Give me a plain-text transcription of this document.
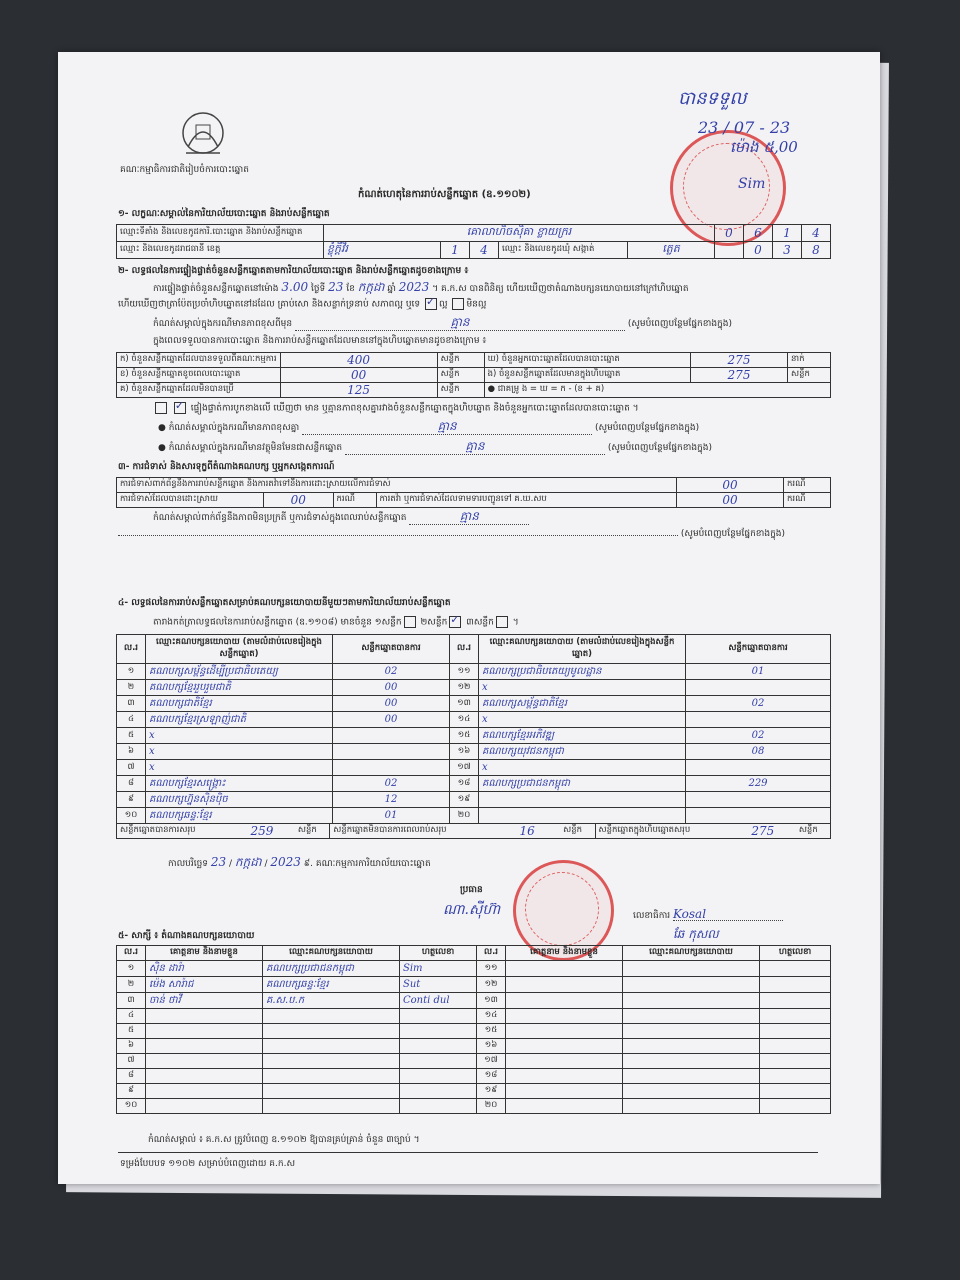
គណៈកម្មាធិការជាតិរៀបចំការបោះឆ្នោត
បានទទួល
23 / 07 - 23
ម៉ោង ៥,00
Sim
កំណត់ហេតុនៃការរាប់សន្លឹកឆ្នោត (ឧ.១១០២)
១- លក្ខណៈសម្គាល់នៃការិយាល័យបោះឆ្នោត និងរាប់សន្លឹកឆ្នោត
ឈ្មោះទីតាំង និងលេខកូដការិ.បោះឆ្នោត និងរាប់សន្លឹកឆ្នោត	គោលាហិចសុិគា ខ្លាយក្ររ	0	6	1	4
ឈ្មោះ និងលេខកូដរាជធានី ខេត្ត	ខ្លុំក្តីវិរ	1	4	ឈ្មោះ និងលេខកូដឃុំ សង្កាត់	ត្លេត
			0	3	8
២- លទ្ធផលនៃការផ្ទៀងផ្ទាត់ចំនួនសន្លឹកឆ្នោតតាមការិយាល័យបោះឆ្នោត និងរាប់សន្លឹកឆ្នោតដូចខាងក្រោម ៖
ការផ្ទៀងផ្ទាត់ចំនួនសន្លឹកឆ្នោតនៅម៉ោង 3.00 ថ្ងៃទី 23 ខែ កក្កដា ឆ្នាំ 2023 ។ គ.ក.ស បានពិនិត្យ ហើយឃើញថាតំណាងបក្សនយោបាយនៅក្រៅហិបឆ្នោត
ហើយឃើញថាត្រាប៉ែតប្រចាំហិបឆ្នោតនៅដដែល គ្រាប់សោ និងសន្លាក់ទ្រនាប់ សភាពល្អ ឬទេ ✓ ល្អ មិនល្អ
កំណត់សម្គាល់ក្នុងករណីមានភាពខុសពីមុន	គ្មាន	(សូមបំពេញបន្ថែមផ្នែកខាងក្នុង)
ក្នុងពេលទទួលបានការបោះឆ្នោត និងការរាប់សន្លឹកឆ្នោតដែលមាននៅក្នុងហិបឆ្នោតមានដូចខាងក្រោម ៖
ក) ចំនួនសន្លឹកឆ្នោតដែលបានទទួលពីគណៈកម្មការ	400	សន្លឹក	ឃ) ចំនួនអ្នកបោះឆ្នោតដែលបានបោះឆ្នោត	275	នាក់
ខ) ចំនួនសន្លឹកឆ្នោតខូចពេលបោះឆ្នោត	00	សន្លឹក	ង) ចំនួនសន្លឹកឆ្នោតដែលមានក្នុងហិបឆ្នោត	275	សន្លឹក
គ) ចំនួនសន្លឹកឆ្នោតដែលមិនបានប្រើ	125	សន្លឹក	● ជាគម្រូ ង = ឃ = ក - (ខ + គ)		
✓ ផ្ទៀងផ្ទាត់ការបូកខាងលើ ឃើញថា មាន ឬគ្មានភាពខុសគ្នារវាងចំនួនសន្លឹកឆ្នោតក្នុងហិបឆ្នោត និងចំនួនអ្នកបោះឆ្នោតដែលបានបោះឆ្នោត ។
● កំណត់សម្គាល់ក្នុងករណីមានភាពខុសគ្នា	គ្មាន	(សូមបំពេញបន្ថែមផ្នែកខាងក្នុង)
● កំណត់សម្គាល់ក្នុងករណីមានវត្ថុមិនមែនជាសន្លឹកឆ្នោត	គ្មាន	(សូមបំពេញបន្ថែមផ្នែកខាងក្នុង)
៣- ការជំទាស់ និងសារទុក្ខពីតំណាងគណបក្ស ឬអ្នកសង្កេតការណ៍
ការជំទាស់ពាក់ព័ន្ធនឹងការរាប់សន្លឹកឆ្នោត និងការតវ៉ាទៅនឹងការដោះស្រាយលើការជំទាស់	00	ករណី
ការជំទាស់ដែលបានដោះស្រាយ		00	ករណី
		ការតវ៉ា ឬការជំទាស់ដែលទាមទារបញ្ជូនទៅ គ.ឃ.សប	00	ករណី
កំណត់សម្គាល់ពាក់ព័ន្ធនឹងភាពមិនប្រក្រតី ឬការជំទាស់ក្នុងពេលរាប់សន្លឹកឆ្នោត	គ្មាន
(សូមបំពេញបន្ថែមផ្នែកខាងក្នុង)
៤- លទ្ធផលនៃការរាប់សន្លឹកឆ្នោតសម្រាប់គណបក្សនយោបាយនីមួយៗតាមការិយាល័យរាប់សន្លឹកឆ្នោត
តារាងកត់ត្រាលទ្ធផលនៃការរាប់សន្លឹកឆ្នោត (ឧ.១១០៨) មានចំនួន ១សន្លឹក ២សន្លឹក ✓ ៣សន្លឹក ។
ល.រ	ឈ្មោះគណបក្សនយោបាយ (តាមលំដាប់លេខរៀងក្នុងសន្លឹកឆ្នោត)	សន្លឹកឆ្នោតបានការ	ល.រ	ឈ្មោះគណបក្សនយោបាយ (តាមលំដាប់លេខរៀងក្នុងសន្លឹកឆ្នោត)	សន្លឹកឆ្នោតបានការ
១	គណបក្សសម្ព័ន្ធដើម្បីប្រជាធិបតេយ្យ	02	១១	គណបក្សប្រជាធិបតេយ្យមូលដ្ឋាន	01
២	គណបក្សខ្មែររួបរួមជាតិ	00	១២	x	
៣	គណបក្សជាតិខ្មែរ	00	១៣	គណបក្សសម្ព័ន្ធជាតិខ្មែរ	02
៤	គណបក្សខ្មែរស្រឡាញ់ជាតិ	00	១៤	x	
៥	x		១៥	គណបក្សខ្មែរអភិវឌ្ឍ	02
៦	x		១៦	គណបក្សយុវជនកម្ពុជា	08
៧	x		១៧	x	
៨	គណបក្សខ្មែរសង្រ្គោះ	02	១៨	គណបក្សប្រជាជនកម្ពុជា	229
៩	គណបក្សហ្វ៊ុនស៊ិនប៉ិច	12	១៩		
១០	គណបក្សឆន្ទៈខ្មែរ	01	២០		

សន្លឹកឆ្នោតបានការសរុប	259	សន្លឹក	សន្លឹកឆ្នោតមិនបានការពេលរាប់សរុប	16	សន្លឹក	សន្លឹកឆ្នោតក្នុងហិបឆ្នោតសរុប	275	សន្លឹក
កាលបរិច្ឆេទ 23 / កក្កដា / 2023 ៩. គណៈកម្មការការិយាល័យបោះឆ្នោត
ប្រធាន
ណា.សុីហ៊ា	លេខាធិការ Kosal
ឆែ កុសល
៥- សាក្សី ៖ តំណាងគណបក្សនយោបាយ
ល.រ	គោត្តនាម និងនាមខ្លួន	ឈ្មោះគណបក្សនយោបាយ	ហត្ថលេខា	ល.រ	គោត្តនាម និងនាមខ្លួន	ឈ្មោះគណបក្សនយោបាយ	ហត្ថលេខា
១	សុិន ដារ៉ា	គណបក្សប្រជាជនកម្ពុជា	Sim	១១			
២	ម៉េង សារ៉ាជ	គណបក្សឆន្ទៈខ្មែរ	Sut	១២			
៣	ចាន់ ថាវី	គ.ស.ប.ក	Conti dul	១៣			
៤				១៤			
៥				១៥			
៦				១៦			
៧				១៧			
៨				១៨			
៩				១៩			
១០				២០			
កំណត់សម្គាល់ ៖ គ.ក.ស ត្រូវបំពេញ ឧ.១១០២ ឱ្យបានគ្រប់គ្រាន់ ចំនួន ៣ច្បាប់ ។
ទម្រង់បែបបទ ១១០២ សម្រាប់បំពេញដោយ គ.ក.ស
